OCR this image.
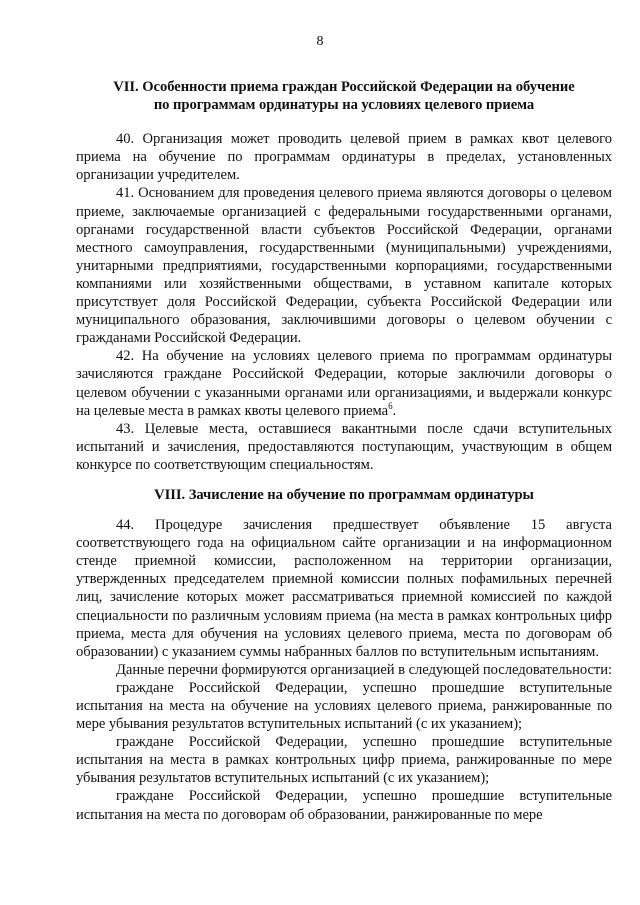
8
VII. Особенности приема граждан Российской Федерации на обучение
по программам ординатуры на условиях целевого приема

40. Организация может проводить целевой прием в рамках квот целевого приема на обучение по программам ординатуры в пределах, установленных организации учредителем.

41. Основанием для проведения целевого приема являются договоры о целевом приеме, заключаемые организацией с федеральными государственными органами, органами государственной власти субъектов Российской Федерации, органами местного самоуправления, государственными (муниципальными) учреждениями, унитарными предприятиями, государственными корпорациями, государственными компаниями или хозяйственными обществами, в уставном капитале которых присутствует доля Российской Федерации, субъекта Российской Федерации или муниципального образования, заключившими договоры о целевом обучении с гражданами Российской Федерации.

42. На обучение на условиях целевого приема по программам ординатуры зачисляются граждане Российской Федерации, которые заключили договоры о целевом обучении с указанными органами или организациями, и выдержали конкурс на целевые места в рамках квоты целевого приема$^6$.

43. Целевые места, оставшиеся вакантными после сдачи вступительных испытаний и зачисления, предоставляются поступающим, участвующим в общем конкурсе по соответствующим специальностям.

VIII. Зачисление на обучение по программам ординатуры

44. Процедуре зачисления предшествует объявление 15 августа соответствующего года на официальном сайте организации и на информационном стенде приемной комиссии, расположенном на территории организации, утвержденных председателем приемной комиссии полных пофамильных перечней лиц, зачисление которых может рассматриваться приемной комиссией по каждой специальности по различным условиям приема (на места в рамках контрольных цифр приема, места для обучения на условиях целевого приема, места по договорам об образовании) с указанием суммы набранных баллов по вступительным испытаниям.

Данные перечни формируются организацией в следующей последовательности:

граждане Российской Федерации, успешно прошедшие вступительные испытания на места на обучение на условиях целевого приема, ранжированные по мере убывания результатов вступительных испытаний (с их указанием);

граждане Российской Федерации, успешно прошедшие вступительные испытания на места в рамках контрольных цифр приема, ранжированные по мере убывания результатов вступительных испытаний (с их указанием);

граждане Российской Федерации, успешно прошедшие вступительные испытания на места по договорам об образовании, ранжированные по мере
